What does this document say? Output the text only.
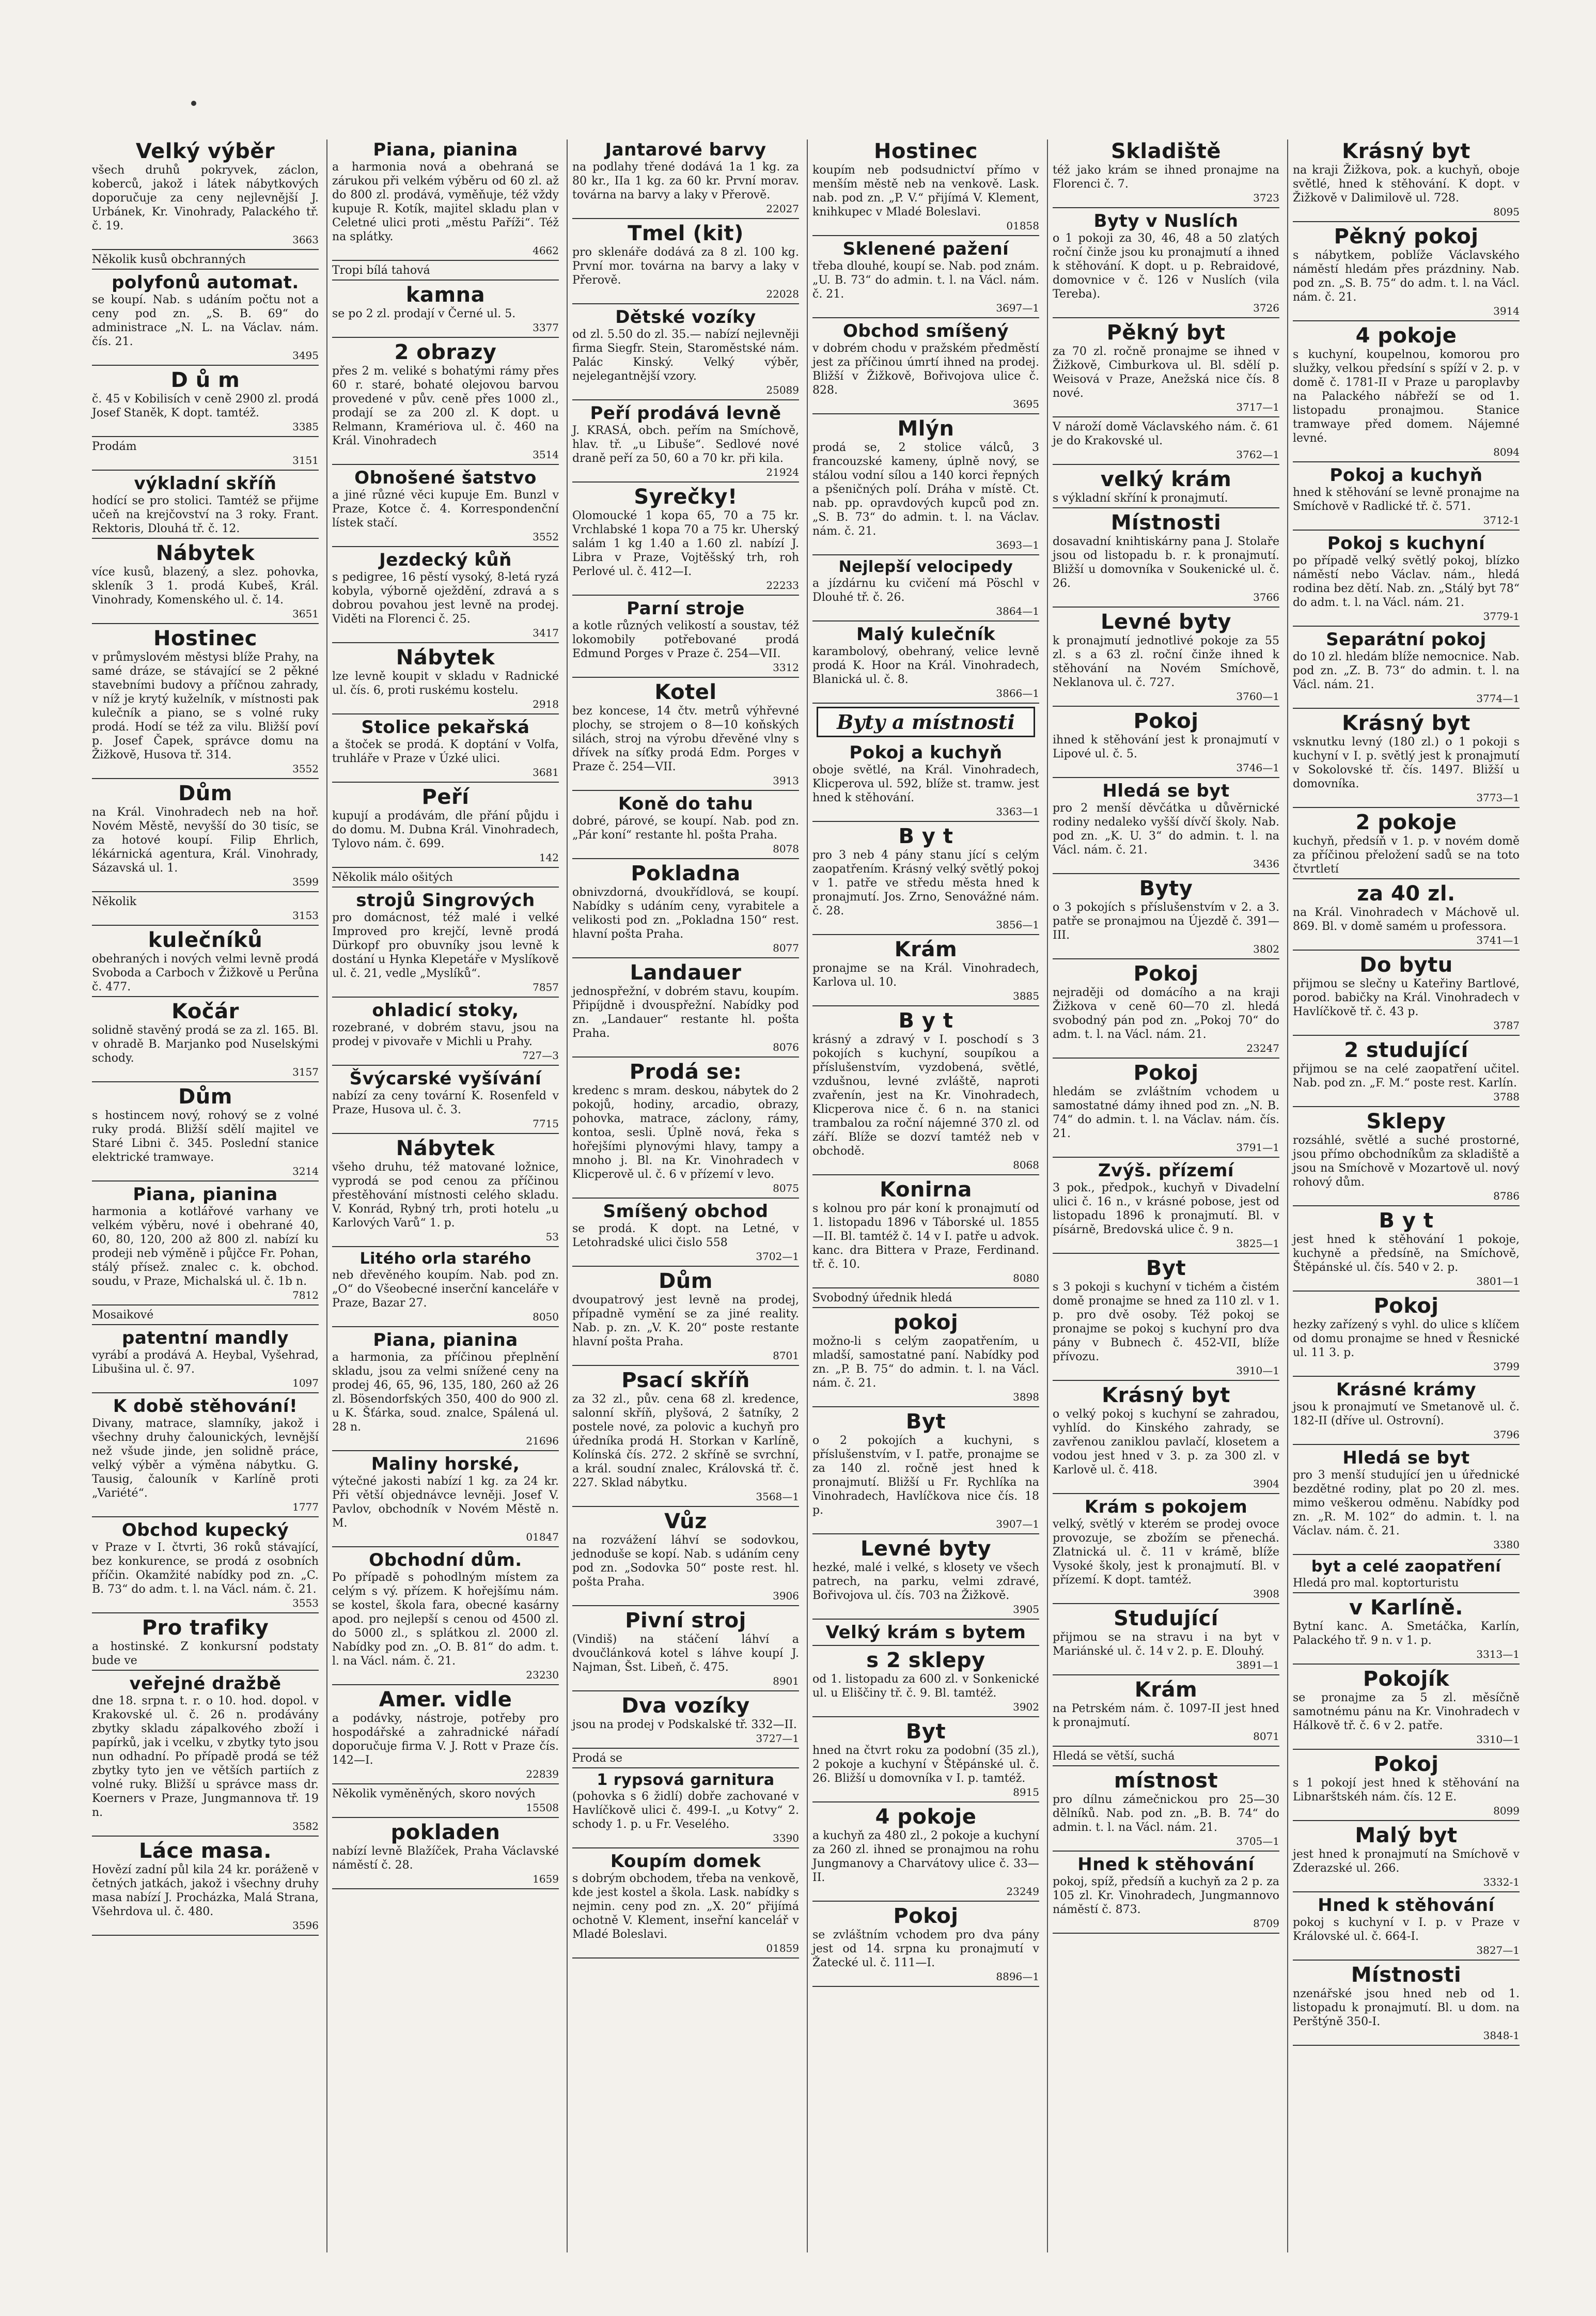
Velký výběr
všech druhů pokryvek, záclon, koberců, jakož i látek nábytkových doporučuje za ceny nejlevnější J. Urbánek, Kr. Vinohrady, Palackého tř. č. 19.
3663
Několik kusů obchranných
polyfonů automat.
se koupí. Nab. s udáním počtu not a ceny pod zn. „S. B. 69“ do administrace „N. L. na Václav. nám. čís. 21.
3495
D ů m
č. 45 v Kobilisích v ceně 2900 zl. prodá Josef Staněk, K dopt. tamtéž.
3385
Prodám
3151
výkladní skříň
hodící se pro stolici. Tamtéž se přijme učeň na krejčovství na 3 roky. Frant. Rektoris, Dlouhá tř. č. 12.
Nábytek
více kusů, blazený, a slez. pohovka, skleník 3 1. prodá Kubeš, Král. Vinohrady, Komenského ul. č. 14.
3651
Hostinec
v průmyslovém městysi blíže Prahy, na samé dráze, se stávající se 2 pěkné stavebními budovy a příčnou zahrady, v níž je krytý kuželník, v místnosti pak kulečník a piano, se s volné ruky prodá. Hodí se též za vilu. Bližší poví p. Josef Čapek, správce domu na Žižkově, Husova tř. 314.
3552
Dům
na Král. Vinohradech neb na hoř. Novém Městě, nevyšší do 30 tisíc, se za hotové koupí. Filip Ehrlich, lékárnická agentura, Král. Vinohrady, Sázavská ul. 1.
3599
Několik
3153
kulečníků
obehraných i nových velmi levně prodá Svoboda a Carboch v Žižkově u Perůna č. 477.
Kočár
solidně stavěný prodá se za zl. 165. Bl. v ohradě B. Marjanko pod Nuselskými schody.
3157
Dům
s hostincem nový, rohový se z volné ruky prodá. Bližší sdělí majitel ve Staré Libni č. 345. Poslední stanice elektrické tramwaye.
3214
Piana, pianina
harmonia a kotlářové varhany ve velkém výběru, nové i obehrané 40, 60, 80, 120, 200 až 800 zl. nabízí ku prodeji neb výměně i půjčce Fr. Pohan, stálý přísež. znalec c. k. obchod. soudu, v Praze, Michalská ul. č. 1b n.
7812
Mosaikové
patentní mandly
vyrábí a prodává A. Heybal, Vyšehrad, Libušina ul. č. 97.
1097
K době stěhování!
Divany, matrace, slamníky, jakož i všechny druhy čalounických, levnější než všude jinde, jen solidně práce, velký výběr a výměna nábytku. G. Tausig, čalouník v Karlíně proti „Variété“.
1777
Obchod kupecký
v Praze v I. čtvrti, 36 roků stávající, bez konkurence, se prodá z osobních příčin. Okamžité nabídky pod zn. „C. B. 73“ do adm. t. l. na Václ. nám. č. 21.
3553
Pro trafiky
a hostinské. Z konkursní podstaty bude ve
veřejné dražbě
dne 18. srpna t. r. o 10. hod. dopol. v Krakovské ul. č. 26 n. prodávány zbytky skladu zápalkového zboží i papírků, jak i vcelku, v zbytky tyto jsou nun odhadní. Po případě prodá se též zbytky tyto jen ve větších partiích z volné ruky. Bližší u správce mass dr. Koerners v Praze, Jungmannova tř. 19 n.
3582
Láce masa.
Hovězí zadní půl kila 24 kr. poráženě v četných jatkách, jakož i všechny druhy masa nabízí J. Procházka, Malá Strana, Všehrdova ul. č. 480.
3596
Piana, pianina
a harmonia nová a obehraná se zárukou při velkém výběru od 60 zl. až do 800 zl. prodává, vyměňuje, též vždy kupuje R. Kotík, majitel skladu plan v Celetné ulici proti „městu Paříži“. Též na splátky.
4662
Tropi bílá tahová
kamna
se po 2 zl. prodají v Černé ul. 5.
3377
2 obrazy
přes 2 m. veliké s bohatými rámy přes 60 r. staré, bohaté olejovou barvou provedené v pův. ceně přes 1000 zl., prodají se za 200 zl. K dopt. u Relmann, Kramériova ul. č. 460 na Král. Vinohradech
3514
Obnošené šatstvo
a jiné různé věci kupuje Em. Bunzl v Praze, Kotce č. 4. Korrespondenční lístek stačí.
3552
Jezdecký kůň
s pedigree, 16 pěstí vysoký, 8-letá ryzá kobyla, výborně oježdění, zdravá a s dobrou povahou jest levně na prodej. Viděti na Florenci č. 25.
3417
Nábytek
lze levně koupit v skladu v Radnické ul. čís. 6, proti ruskému kostelu.
2918
Stolice pekařská
a štoček se prodá. K doptání v Volfa, truhláře v Praze v Úzké ulici.
3681
Peří
kupují a prodávám, dle přání půjdu i do domu. M. Dubna Král. Vinohradech, Tylovo nám. č. 699.
142
Několik málo ošitých
strojů Singrových
pro domácnost, též malé i velké Improved pro krejčí, levně prodá Dürkopf pro obuvníky jsou levně k dostání u Hynka Klepetáře v Myslíkově ul. č. 21, vedle „Myslíků“.
7857
ohladicí stoky,
rozebrané, v dobrém stavu, jsou na prodej v pivovaře v Michli u Prahy.
727—3
Švýcarské vyšívání
nabízí za ceny tovární K. Rosenfeld v Praze, Husova ul. č. 3.
7715
Nábytek
všeho druhu, též matované ložnice, vyprodá se pod cenou za příčinou přestěhování místnosti celého skladu. V. Konrád, Rybný trh, proti hotelu „u Karlových Varů“ 1. p.
53
Litého orla starého
neb dřevěného koupím. Nab. pod zn. „O“ do Všeobecné inserční kanceláře v Praze, Bazar 27.
8050
Piana, pianina
a harmonia, za příčinou přeplnění skladu, jsou za velmi snížené ceny na prodej 46, 65, 96, 135, 180, 260 až 26 zl. Bösendorfských 350, 400 do 900 zl. u K. Šťárka, soud. znalce, Spálená ul. 28 n.
21696
Maliny horské,
výtečné jakosti nabízí 1 kg. za 24 kr. Při větší objednávce levněji. Josef V. Pavlov, obchodník v Novém Městě n. M.
01847
Obchodní dům.
Po případě s pohodlným místem za celým s vý. přízem. K hořejšímu nám. se kostel, škola fara, obecné kasárny apod. pro nejlepší s cenou od 4500 zl. do 5000 zl., s splátkou zl. 2000 zl. Nabídky pod zn. „O. B. 81“ do adm. t. l. na Václ. nám. č. 21.
23230
Amer. vidle
a podávky, nástroje, potřeby pro hospodářské a zahradnické nářadí doporučuje firma V. J. Rott v Praze čís. 142—I.
22839
Několik vyměněných, skoro nových
15508
pokladen
nabízí levně Blažíček, Praha Václavské náměstí č. 28.
1659
Jantarové barvy
na podlahy třené dodává 1a 1 kg. za 80 kr., IIa 1 kg. za 60 kr. První morav. továrna na barvy a laky v Přerově.
22027
Tmel (kit)
pro sklenáře dodává za 8 zl. 100 kg. První mor. továrna na barvy a laky v Přerově.
22028
Dětské vozíky
od zl. 5.50 do zl. 35.— nabízí nejlevněji firma Siegfr. Stein, Staroměstské nám. Palác Kinský. Velký výběr, nejelegantnější vzory.
25089
Peří prodává levně
J. KRASÁ, obch. peřím na Smíchově, hlav. tř. „u Libuše“. Sedlové nové draně peří za 50, 60 a 70 kr. při kila.
21924
Syrečky!
Olomoucké 1 kopa 65, 70 a 75 kr. Vrchlabské 1 kopa 70 a 75 kr. Uherský salám 1 kg 1.40 a 1.60 zl. nabízí J. Libra v Praze, Vojtěšský trh, roh Perlové ul. č. 412—I.
22233
Parní stroje
a kotle různých velikostí a soustav, též lokomobily potřebované prodá Edmund Porges v Praze č. 254—VII.
3312
Kotel
bez koncese, 14 čtv. metrů výhřevné plochy, se strojem o 8—10 koňských silách, stroj na výrobu dřevěné vlny s dřívek na síťky prodá Edm. Porges v Praze č. 254—VII.
3913
Koně do tahu
dobré, párové, se koupí. Nab. pod zn. „Pár koní“ restante hl. pošta Praha.
8078
Pokladna
obnivzdorná, dvoukřídlová, se koupí. Nabídky s udáním ceny, vyrabitele a velikosti pod zn. „Pokladna 150“ rest. hlavní pošta Praha.
8077
Landauer
jednospřežní, v dobrém stavu, koupím. Připíjdně i dvouspřežní. Nabídky pod zn. „Landauer“ restante hl. pošta Praha.
8076
Prodá se:
kredenc s mram. deskou, nábytek do 2 pokojů, hodiny, arcadio, obrazy, pohovka, matrace, záclony, rámy, kontoa, sesli. Úplně nová, řeka s hořejšími plynovými hlavy, tampy a mnoho j. Bl. na Kr. Vinohradech v Klicperově ul. č. 6 v přízemí v levo.
8075
Smíšený obchod
se prodá. K dopt. na Letné, v Letohradské ulici čislo 558
3702—1
Dům
dvoupatrový jest levně na prodej, případně vymění se za jiné reality. Nab. p. zn. „V. K. 20“ poste restante hlavní pošta Praha.
8701
Psací skříň
za 32 zl., pův. cena 68 zl. kredence, salonní skříň, plyšová, 2 šatníky, 2 postele nové, za polovic a kuchyň pro úředníka prodá H. Storkan v Karlíně, Kolínská čís. 272. 2 skříně se svrchní, a král. soudní znalec, Královská tř. č. 227. Sklad nábytku.
3568—1
Vůz
na rozvážení láhví se sodovkou, jednoduše se kopí. Nab. s udáním ceny pod zn. „Sodovka 50“ poste rest. hl. pošta Praha.
3906
Pivní stroj
(Vindiš) na stáčení láhví a dvoučlánková kotel s láhve koupí J. Najman, Šst. Libeň, č. 475.
8901
Dva vozíky
jsou na prodej v Podskalské tř. 332—II.
3727—1
Prodá se
1 rypsová garnitura
(pohovka s 6 židlí) dobře zachované v Havlíčkově ulici č. 499-I. „u Kotvy“ 2. schody 1. p. u Fr. Veselého.
3390
Koupím domek
s dobrým obchodem, třeba na venkově, kde jest kostel a škola. Lask. nabídky s nejmin. ceny pod zn. „X. 20“ přijímá ochotně V. Klement, inseřní kancelář v Mladé Boleslavi.
01859
Hostinec
koupím neb podsudnictví přímo v menším městě neb na venkově. Lask. nab. pod zn. „P. V.“ přijímá V. Klement, knihkupec v Mladé Boleslavi.
01858
Sklenené pažení
třeba dlouhé, koupí se. Nab. pod znám. „U. B. 73“ do admin. t. l. na Václ. nám. č. 21.
3697—1
Obchod smíšený
v dobrém chodu v pražském předměstí jest za příčinou úmrtí ihned na prodej. Bližší v Žižkově, Bořivojova ulice č. 828.
3695
Mlýn
prodá se, 2 stolice válců, 3 francouzské kameny, úplně nový, se stálou vodní sílou a 140 korci řepných a pšeničných polí. Dráha v místě. Ct. nab. pp. opravdových kupců pod zn. „S. B. 73“ do admin. t. l. na Václav. nám. č. 21.
3693—1
Nejlepší velocipedy
a jízdárnu ku cvičení má Pöschl v Dlouhé tř. č. 26.
3864—1
Malý kulečník
karambolový, obehraný, velice levně prodá K. Hoor na Král. Vinohradech, Blanická ul. č. 8.
3866—1
Byty a místnosti
Pokoj a kuchyň
oboje světlé, na Král. Vinohradech, Klicperova ul. 592, blíže st. tramw. jest hned k stěhování.
3363—1
B y t
pro 3 neb 4 pány stanu jící s celým zaopatřením. Krásný velký světlý pokoj v 1. patře ve středu města hned k pronajmutí. Jos. Zrno, Senovážné nám. č. 28.
3856—1
Krám
pronajme se na Král. Vinohradech, Karlova ul. 10.
3885
B y t
krásný a zdravý v I. poschodí s 3 pokojích s kuchyní, soupíkou a příslušenstvím, vyzdobená, světlé, vzdušnou, levné zvláště, naproti zvařenín, jest na Kr. Vinohradech, Klicperova nice č. 6 n. na stanici trambalou za roční nájemné 370 zl. od září. Blíže se dozví tamtéž neb v obchodě.
8068
Konirna
s kolnou pro pár koní k pronajmutí od 1. listopadu 1896 v Táborské ul. 1855—II. Bl. tamtéž č. 14 v I. patře u advok. kanc. dra Bittera v Praze, Ferdinand. tř. č. 10.
8080
Svobodný úřednik hledá
pokoj
možno-li s celým zaopatřením, u mladší, samostatné paní. Nabídky pod zn. „P. B. 75“ do admin. t. l. na Václ. nám. č. 21.
3898
Byt
o 2 pokojích a kuchyni, s příslušenstvím, v I. patře, pronajme se za 140 zl. ročně jest hned k pronajmutí. Bližší u Fr. Rychlíka na Vinohradech, Havlíčkova nice čís. 18 p.
3907—1
Levné byty
hezké, malé i velké, s klosety ve všech patrech, na parku, velmi zdravé, Bořivojova ul. čís. 703 na Žižkově.
3905
Velký krám s bytem
s 2 sklepy
od 1. listopadu za 600 zl. v Sonkenické ul. u Eliščiny tř. č. 9. Bl. tamtéž.
3902
Byt
hned na čtvrt roku za podobní (35 zl.), 2 pokoje a kuchyní v Štěpánské ul. č. 26. Bližší u domovníka v I. p. tamtéž.
8915
4 pokoje
a kuchyň za 480 zl., 2 pokoje a kuchyní za 260 zl. ihned se pronajmou na rohu Jungmanovy a Charvátovy ulice č. 33—II.
23249
Pokoj
se zvláštním vchodem pro dva pány jest od 14. srpna ku pronajmutí v Žatecké ul. č. 111—I.
8896—1
Skladiště
též jako krám se ihned pronajme na Florenci č. 7.
3723
Byty v Nuslích
o 1 pokoji za 30, 46, 48 a 50 zlatých roční činže jsou ku pronajmutí a ihned k stěhování. K dopt. u p. Rebraidové, domovnice v č. 126 v Nuslích (vila Tereba).
3726
Pěkný byt
za 70 zl. ročně pronajme se ihned v Žižkově, Cimburkova ul. Bl. sdělí p. Weisová v Praze, Anežská nice čís. 8 nové.
3717—1
V nároží domě Václavského nám. č. 61 je do Krakovské ul.
3762—1
velký krám
s výkladní skříní k pronajmutí.
Místnosti
dosavadní knihtiskárny pana J. Stolaře jsou od listopadu b. r. k pronajmutí. Bližší u domovníka v Soukenické ul. č. 26.
3766
Levné byty
k pronajmutí jednotlivé pokoje za 55 zl. s a 63 zl. roční činže ihned k stěhování na Novém Smíchově, Neklanova ul. č. 727.
3760—1
Pokoj
ihned k stěhování jest k pronajmutí v Lipové ul. č. 5.
3746—1
Hledá se byt
pro 2 menší děvčátka u důvěrnické rodiny nedaleko vyšší dívčí školy. Nab. pod zn. „K. U. 3“ do admin. t. l. na Václ. nám. č. 21.
3436
Byty
o 3 pokojích s příslušenstvím v 2. a 3. patře se pronajmou na Újezdě č. 391—III.
3802
Pokoj
nejraději od domácího a na kraji Žižkova v ceně 60—70 zl. hledá svobodný pán pod zn. „Pokoj 70“ do adm. t. l. na Václ. nám. 21.
23247
Pokoj
hledám se zvláštním vchodem u samostatné dámy ihned pod zn. „N. B. 74“ do admin. t. l. na Václav. nám. čís. 21.
3791—1
Zvýš. přízemí
3 pok., předpok., kuchyň v Divadelní ulici č. 16 n., v krásné pobose, jest od listopadu 1896 k pronajmutí. Bl. v písárně, Bredovská ulice č. 9 n.
3825—1
Byt
s 3 pokoji s kuchyní v tichém a čistém domě pronajme se hned za 110 zl. v 1. p. pro dvě osoby. Též pokoj se pronajme se pokoj s kuchyní pro dva pány v Bubnech č. 452-VII, blíže přívozu.
3910—1
Krásný byt
o velký pokoj s kuchyní se zahradou, vyhlíd. do Kinského zahrady, se zavřenou zaniklou pavlačí, klosetem a vodou jest hned v 3. p. za 300 zl. v Karlově ul. č. 418.
3904
Krám s pokojem
velký, světlý v kterém se prodej ovoce provozuje, se zbožím se přenechá. Zlatnická ul. č. 11 v krámě, blíže Vysoké školy, jest k pronajmutí. Bl. v přízemí. K dopt. tamtéž.
3908
Studující
přijmou se na stravu i na byt v Mariánské ul. č. 14 v 2. p. E. Dlouhý.
3891—1
Krám
na Petrském nám. č. 1097-II jest hned k pronajmutí.
8071
Hledá se větší, suchá
místnost
pro dílnu zámečnickou pro 25—30 dělníků. Nab. pod zn. „B. B. 74“ do admin. t. l. na Václ. nám. 21.
3705—1
Hned k stěhování
pokoj, spíž, předsíň a kuchyň za 2 p. za 105 zl. Kr. Vinohradech, Jungmannovo náměstí č. 873.
8709
Krásný byt
na kraji Žižkova, pok. a kuchyň, oboje světlé, hned k stěhování. K dopt. v Žižkově v Dalimilově ul. 728.
8095
Pěkný pokoj
s nábytkem, poblíže Václavského náměstí hledám přes prázdniny. Nab. pod zn. „S. B. 75“ do adm. t. l. na Václ. nám. č. 21.
3914
4 pokoje
s kuchyní, koupelnou, komorou pro služky, velkou předsíní s spíží v 2. p. v domě č. 1781-II v Praze u paroplavby na Palackého nábřeží se od 1. listopadu pronajmou. Stanice tramwaye před domem. Nájemné levné.
8094
Pokoj a kuchyň
hned k stěhování se levně pronajme na Smíchově v Radlické tř. č. 571.
3712-1
Pokoj s kuchyní
po případě velký světlý pokoj, blízko náměstí nebo Václav. nám., hledá rodina bez dětí. Nab. zn. „Stálý byt 78“ do adm. t. l. na Václ. nám. 21.
3779-1
Separátní pokoj
do 10 zl. hledám blíže nemocnice. Nab. pod zn. „Z. B. 73“ do admin. t. l. na Václ. nám. 21.
3774—1
Krásný byt
vsknutku levný (180 zl.) o 1 pokoji s kuchyní v I. p. světlý jest k pronajmutí v Sokolovské tř. čís. 1497. Bližší u domovníka.
3773—1
2 pokoje
kuchyň, předsíň v 1. p. v novém domě za příčinou přeložení sadů se na toto čtvrtletí
za 40 zl.
na Král. Vinohradech v Máchově ul. 869. Bl. v domě samém u professora.
3741—1
Do bytu
přijmou se slečny u Kateřiny Bartlové, porod. babičky na Král. Vinohradech v Havlíčkově tř. č. 43 p.
3787
2 studující
přijmou se na celé zaopatření učitel. Nab. pod zn. „F. M.“ poste rest. Karlín.
3788
Sklepy
rozsáhlé, světlé a suché prostorné, jsou přímo obchodníkům za skladiště a jsou na Smíchově v Mozartově ul. nový rohový dům.
8786
B y t
jest hned k stěhování 1 pokoje, kuchyně a předsíně, na Smíchově, Štěpánské ul. čís. 540 v 2. p.
3801—1
Pokoj
hezky zařízený s vyhl. do ulice s klíčem od domu pronajme se hned v Řesnické ul. 11 3. p.
3799
Krásné krámy
jsou k pronajmutí ve Smetanově ul. č. 182-II (dříve ul. Ostrovní).
3796
Hledá se byt
pro 3 menší studující jen u úřednické bezdětné rodiny, plat po 20 zl. mes. mimo veškerou odměnu. Nabídky pod zn. „R. M. 102“ do admin. t. l. na Václav. nám. č. 21.
3380
byt a celé zaopatření
Hledá pro mal. koptorturistu
v Karlíně.
Bytní kanc. A. Smetáčka, Karlín, Palackého tř. 9 n. v 1. p.
3313—1
Pokojík
se pronajme za 5 zl. měsíčně samotnému pánu na Kr. Vinohradech v Hálkově tř. č. 6 v 2. patře.
3310—1
Pokoj
s 1 pokojí jest hned k stěhování na Libnarštskéh nám. čís. 12 E.
8099
Malý byt
jest hned k pronajmutí na Smíchově v Zderazské ul. 266.
3332-1
Hned k stěhování
pokoj s kuchyní v I. p. v Praze v Královské ul. č. 664-I.
3827—1
Místnosti
nzenářské jsou hned neb od 1. listopadu k pronajmutí. Bl. u dom. na Perštýně 350-I.
3848-1
